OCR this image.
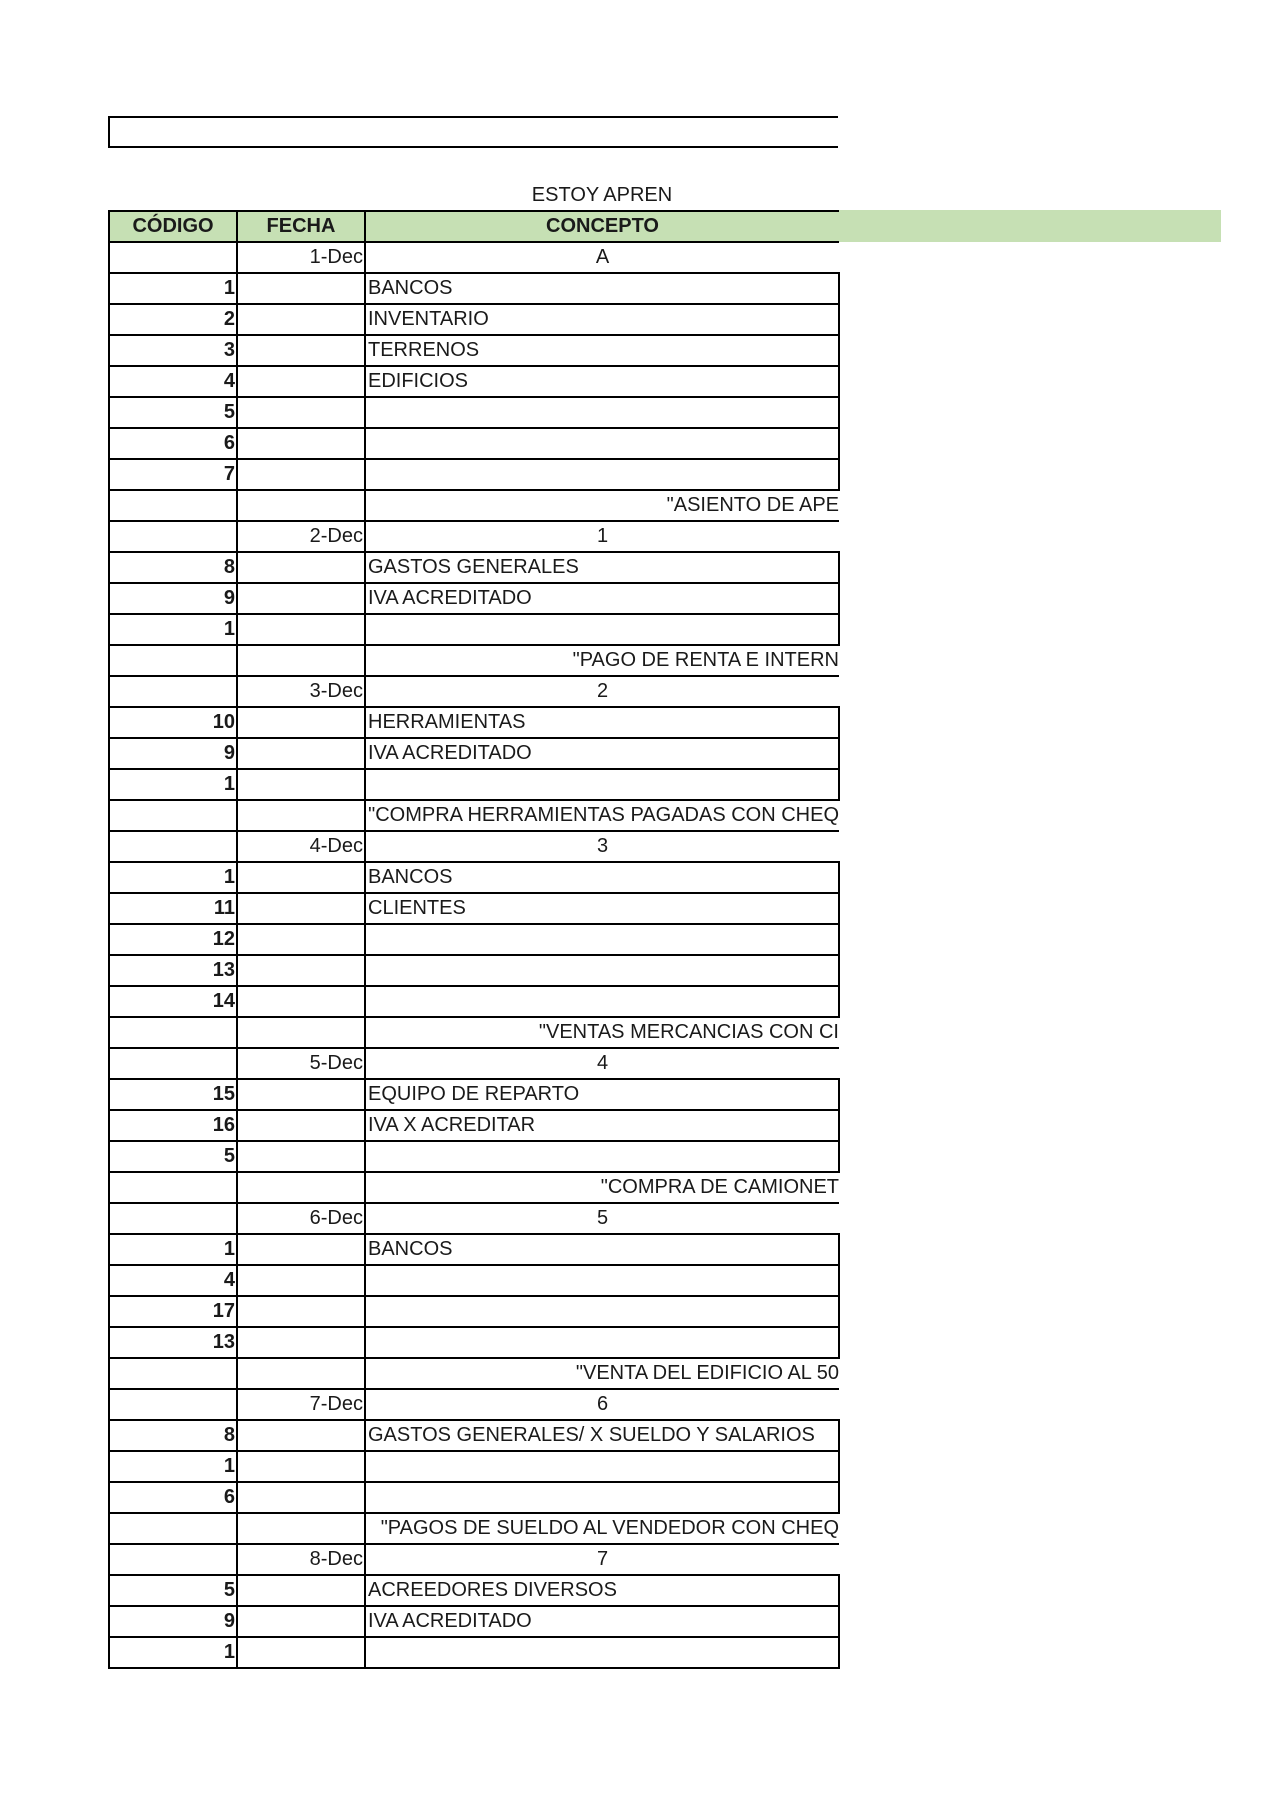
ESTOY APREN
CÓDIGO	FECHA	CONCEPTO
	1-Dec	A
1		BANCOS
2		INVENTARIO
3		TERRENOS
4		EDIFICIOS
5		
6		
7		
		"ASIENTO DE APE
	2-Dec	1
8		GASTOS GENERALES
9		IVA ACREDITADO
1		
		"PAGO DE RENTA E INTERN
	3-Dec	2
10		HERRAMIENTAS
9		IVA ACREDITADO
1		
		"COMPRA HERRAMIENTAS PAGADAS CON CHEQ
	4-Dec	3
1		BANCOS
11		CLIENTES
12		
13		
14		
		"VENTAS MERCANCIAS CON CI
	5-Dec	4
15		EQUIPO DE REPARTO
16		IVA X ACREDITAR
5		
		"COMPRA DE CAMIONET
	6-Dec	5
1		BANCOS
4		
17		
13		
		"VENTA DEL EDIFICIO AL 50
	7-Dec	6
8		GASTOS GENERALES/ X SUELDO Y SALARIOS
1		
6		
		"PAGOS DE SUELDO AL VENDEDOR CON CHEQ
	8-Dec	7
5		ACREEDORES DIVERSOS
9		IVA ACREDITADO
1		
